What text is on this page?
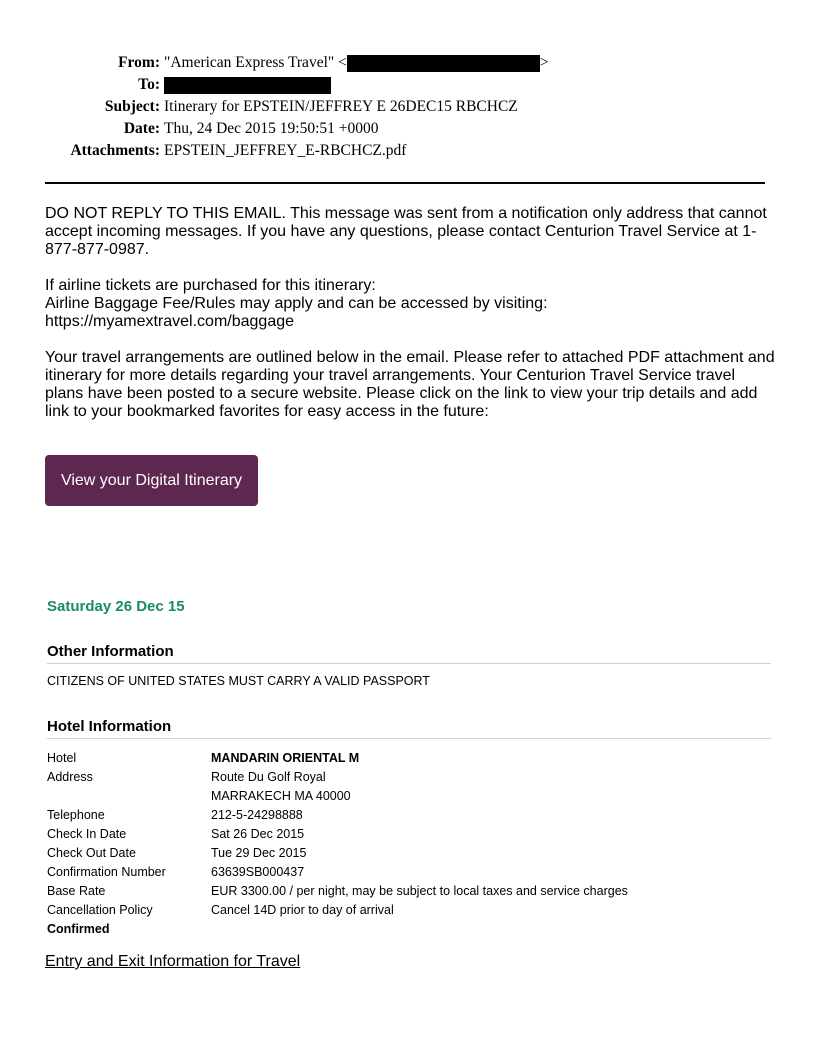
From: "American Express Travel" <	>
To:
Subject: Itinerary for EPSTEIN/JEFFREY E 26DEC15 RBCHCZ
Date: Thu, 24 Dec 2015 19:50:51 +0000
Attachments: EPSTEIN_JEFFREY_E-RBCHCZ.pdf

DO NOT REPLY TO THIS EMAIL. This message was sent from a notification only address that cannot accept incoming messages. If you have any questions, please contact Centurion Travel Service at 1-877-877-0987.

If airline tickets are purchased for this itinerary:
Airline Baggage Fee/Rules may apply and can be accessed by visiting:
https://myamextravel.com/baggage

Your travel arrangements are outlined below in the email. Please refer to attached PDF attachment and itinerary for more details regarding your travel arrangements. Your Centurion Travel Service travel plans have been posted to a secure website. Please click on the link to view your trip details and add link to your bookmarked favorites for easy access in the future:

View your Digital Itinerary
Saturday 26 Dec 15
Other Information
CITIZENS OF UNITED STATES MUST CARRY A VALID PASSPORT
Hotel Information
Hotel	MANDARIN ORIENTAL M
Address	Route Du Golf Royal
MARRAKECH MA 40000
Telephone	212-5-24298888
Check In Date	Sat 26 Dec 2015
Check Out Date	Tue 29 Dec 2015
Confirmation Number	63639SB000437
Base Rate	EUR 3300.00 / per night, may be subject to local taxes and service charges
Cancellation Policy	Cancel 14D prior to day of arrival
Confirmed
Entry and Exit Information for Travel
